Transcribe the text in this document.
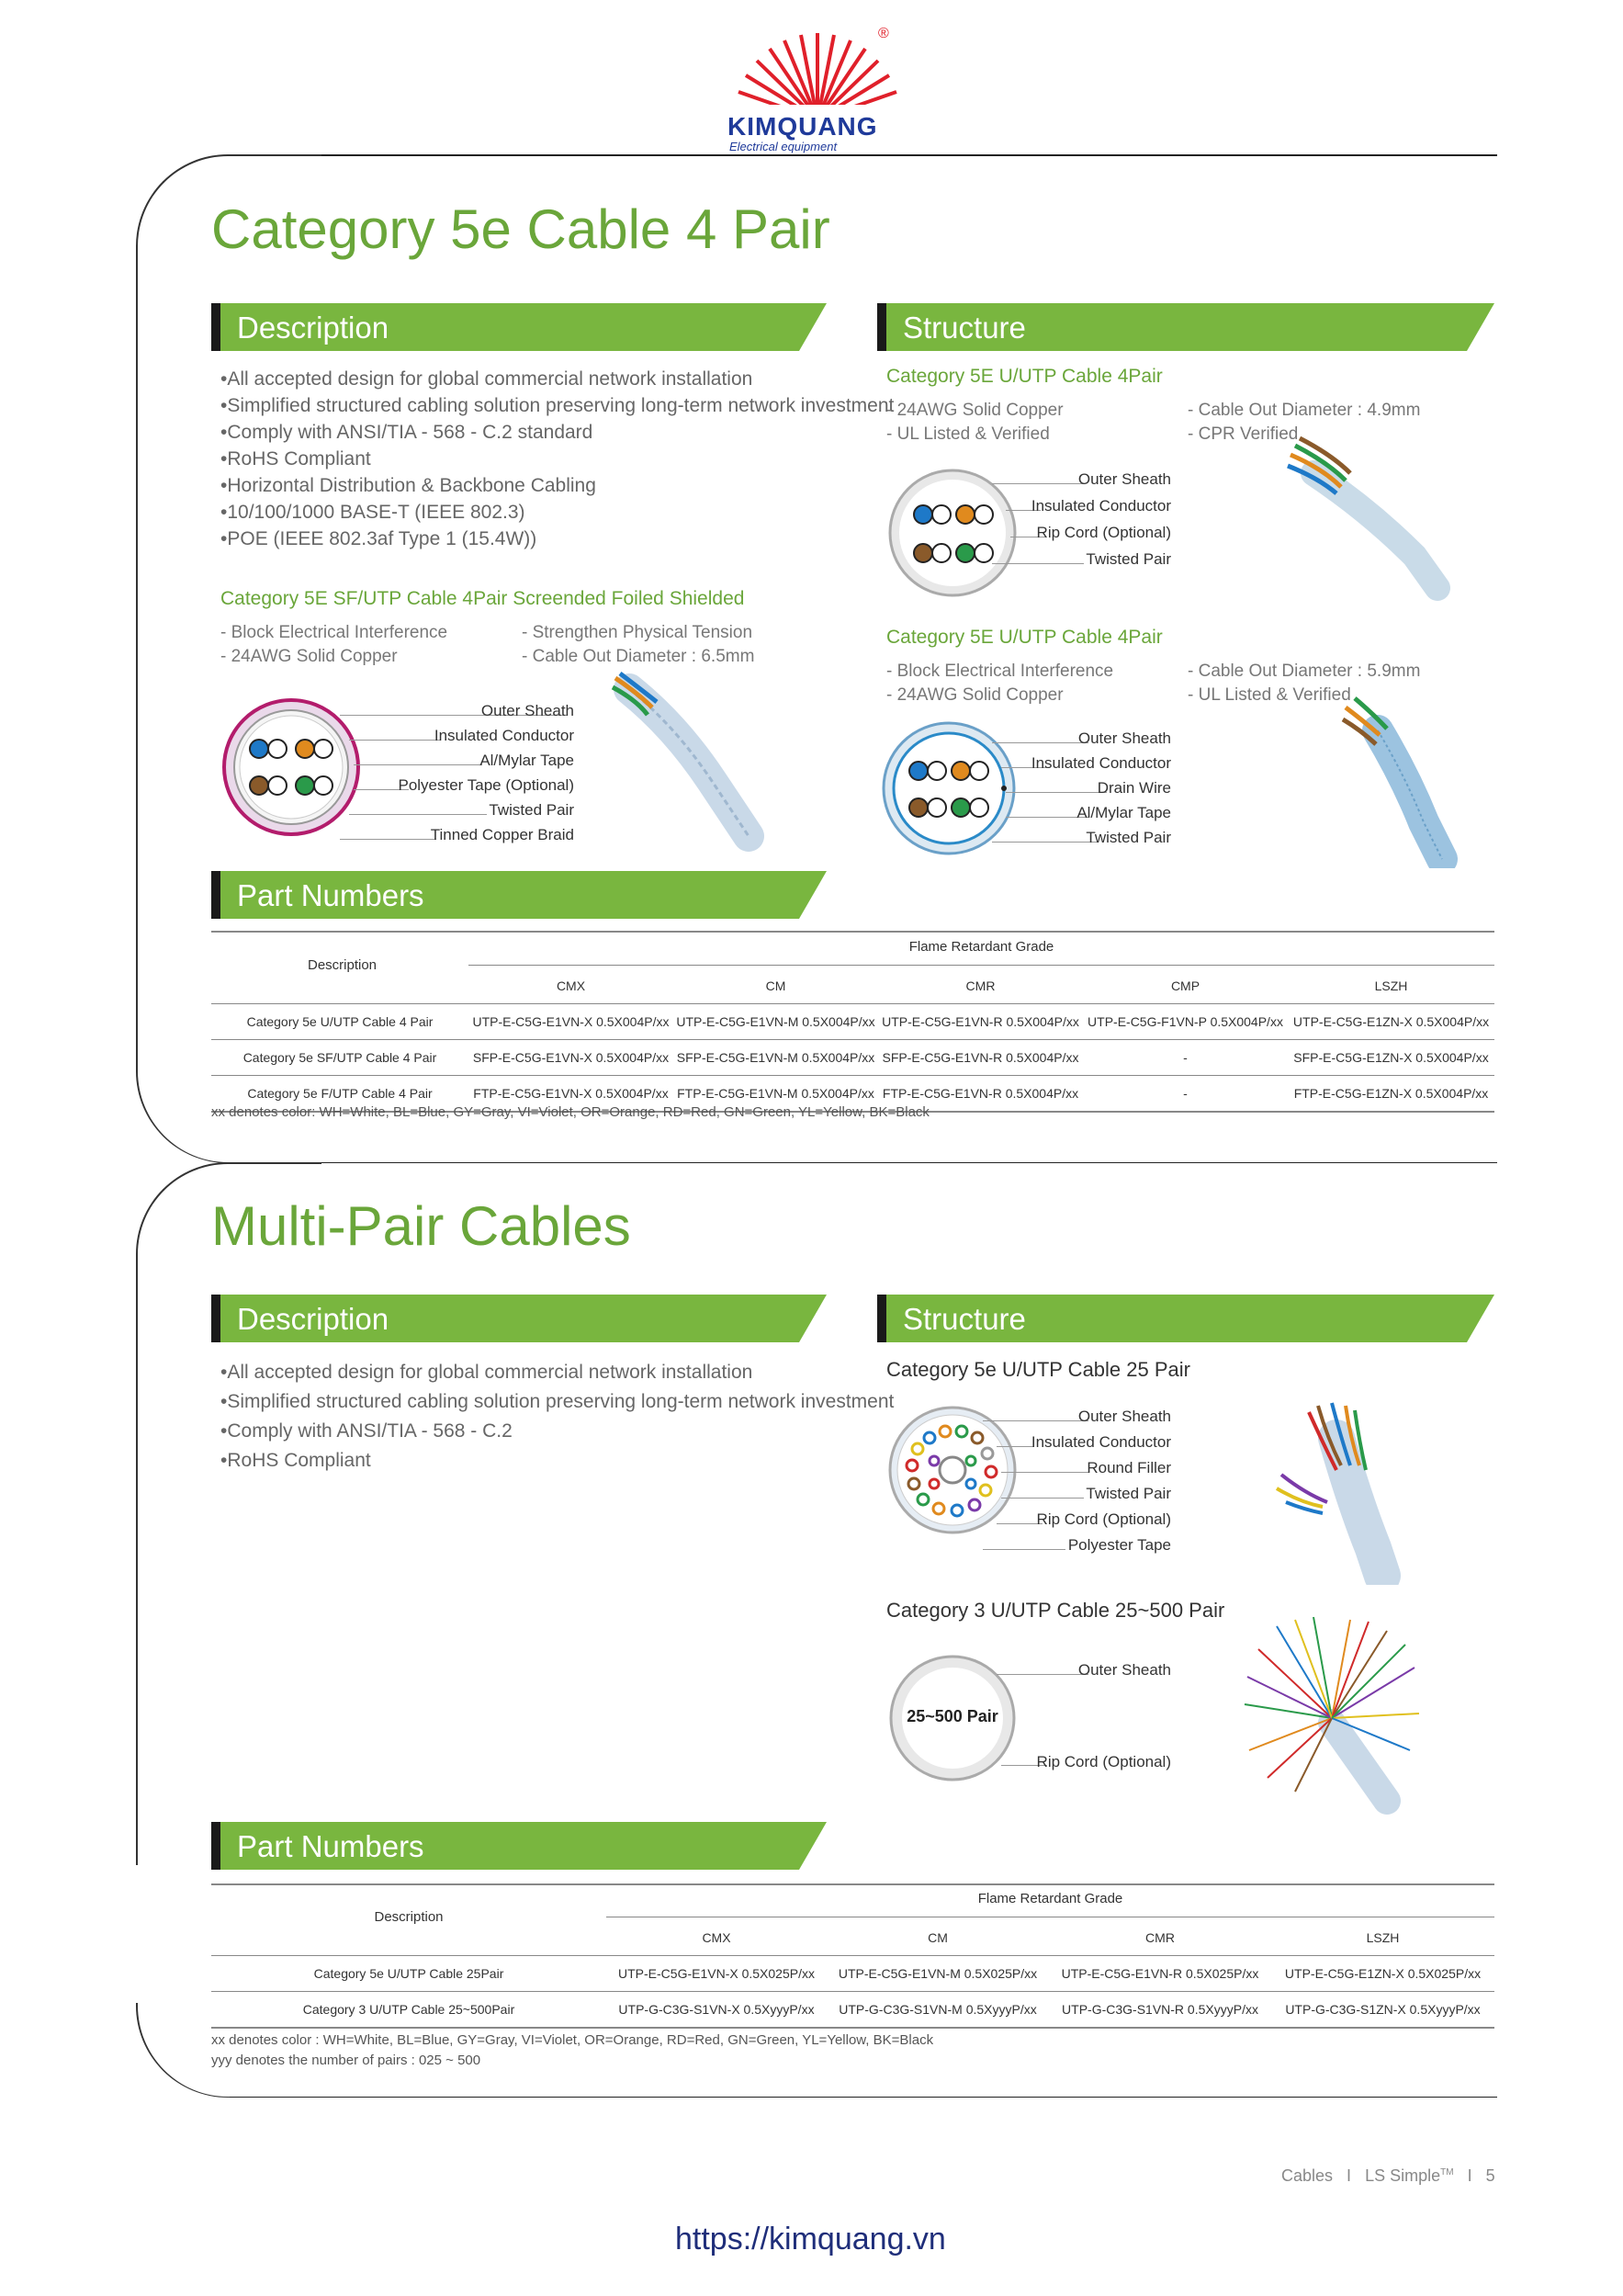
®
KIMQUANG
Electrical equipment
Category 5e Cable 4 Pair
Description	Structure
• All accepted design for global commercial network installation
• Simplified structured cabling solution preserving long-term network investment
• Comply with ANSI/TIA - 568 - C.2 standard
• RoHS Compliant
• Horizontal Distribution & Backbone Cabling
• 10/100/1000 BASE-T (IEEE 802.3)
• POE (IEEE 802.3af Type 1 (15.4W))
Category 5E SF/UTP Cable 4Pair Screended Foiled Shielded
- Block Electrical Interference
- 24AWG Solid Copper
- Strengthen Physical Tension
- Cable Out Diameter : 6.5mm
Outer Sheath
Insulated Conductor
Al/Mylar Tape
Polyester Tape (Optional)
Twisted Pair
Tinned Copper Braid
Category 5E U/UTP Cable 4Pair
- 24AWG Solid Copper
- UL Listed & Verified
- Cable Out Diameter : 4.9mm
- CPR Verified
Outer Sheath
Insulated Conductor
Rip Cord (Optional)
Twisted Pair
Category 5E U/UTP Cable 4Pair
- Block Electrical Interference
- 24AWG Solid Copper
- Cable Out Diameter : 5.9mm
- UL Listed & Verified
Outer Sheath
Insulated Conductor
Drain Wire
Al/Mylar Tape
Twisted Pair
Part Numbers
Flame Retardant Grade
Description
	CMX	CM	CMR	CMP	LSZH
Category 5e U/UTP Cable 4 Pair	UTP-E-C5G-E1VN-X 0.5X004P/xx	UTP-E-C5G-E1VN-M 0.5X004P/xx	UTP-E-C5G-E1VN-R 0.5X004P/xx	UTP-E-C5G-F1VN-P 0.5X004P/xx	UTP-E-C5G-E1ZN-X 0.5X004P/xx
Category 5e SF/UTP Cable 4 Pair	SFP-E-C5G-E1VN-X 0.5X004P/xx	SFP-E-C5G-E1VN-M 0.5X004P/xx	SFP-E-C5G-E1VN-R 0.5X004P/xx	-	SFP-E-C5G-E1ZN-X 0.5X004P/xx
Category 5e F/UTP Cable 4 Pair	FTP-E-C5G-E1VN-X 0.5X004P/xx	FTP-E-C5G-E1VN-M 0.5X004P/xx	FTP-E-C5G-E1VN-R 0.5X004P/xx	-	FTP-E-C5G-E1ZN-X 0.5X004P/xx
xx denotes color: WH=White, BL=Blue, GY=Gray, VI=Violet, OR=Orange, RD=Red, GN=Green, YL=Yellow, BK=Black
Multi-Pair Cables
Description	Structure
• All accepted design for global commercial network installation
• Simplified structured cabling solution preserving long-term network investment
• Comply with ANSI/TIA - 568 - C.2
• RoHS Compliant
Category 5e U/UTP Cable 25 Pair
Outer Sheath
Insulated Conductor
Round Filler
Twisted Pair
Rip Cord (Optional)
Polyester Tape
Category 3 U/UTP Cable 25~500 Pair
25~500 Pair
Outer Sheath
Rip Cord (Optional)
Part Numbers
Flame Retardant Grade
Description
	CMX	CM	CMR	LSZH
Category 5e U/UTP Cable 25Pair	UTP-E-C5G-E1VN-X 0.5X025P/xx	UTP-E-C5G-E1VN-M 0.5X025P/xx	UTP-E-C5G-E1VN-R 0.5X025P/xx	UTP-E-C5G-E1ZN-X 0.5X025P/xx
Category 3 U/UTP Cable 25~500Pair	UTP-G-C3G-S1VN-X 0.5XyyyP/xx	UTP-G-C3G-S1VN-M 0.5XyyyP/xx	UTP-G-C3G-S1VN-R 0.5XyyyP/xx	UTP-G-C3G-S1ZN-X 0.5XyyyP/xx
xx denotes color : WH=White, BL=Blue, GY=Gray, VI=Violet, OR=Orange, RD=Red, GN=Green, YL=Yellow, BK=Black
yyy denotes the number of pairs : 025 ~ 500
Cables I LS Simple™ I 5
https://kimquang.vn
